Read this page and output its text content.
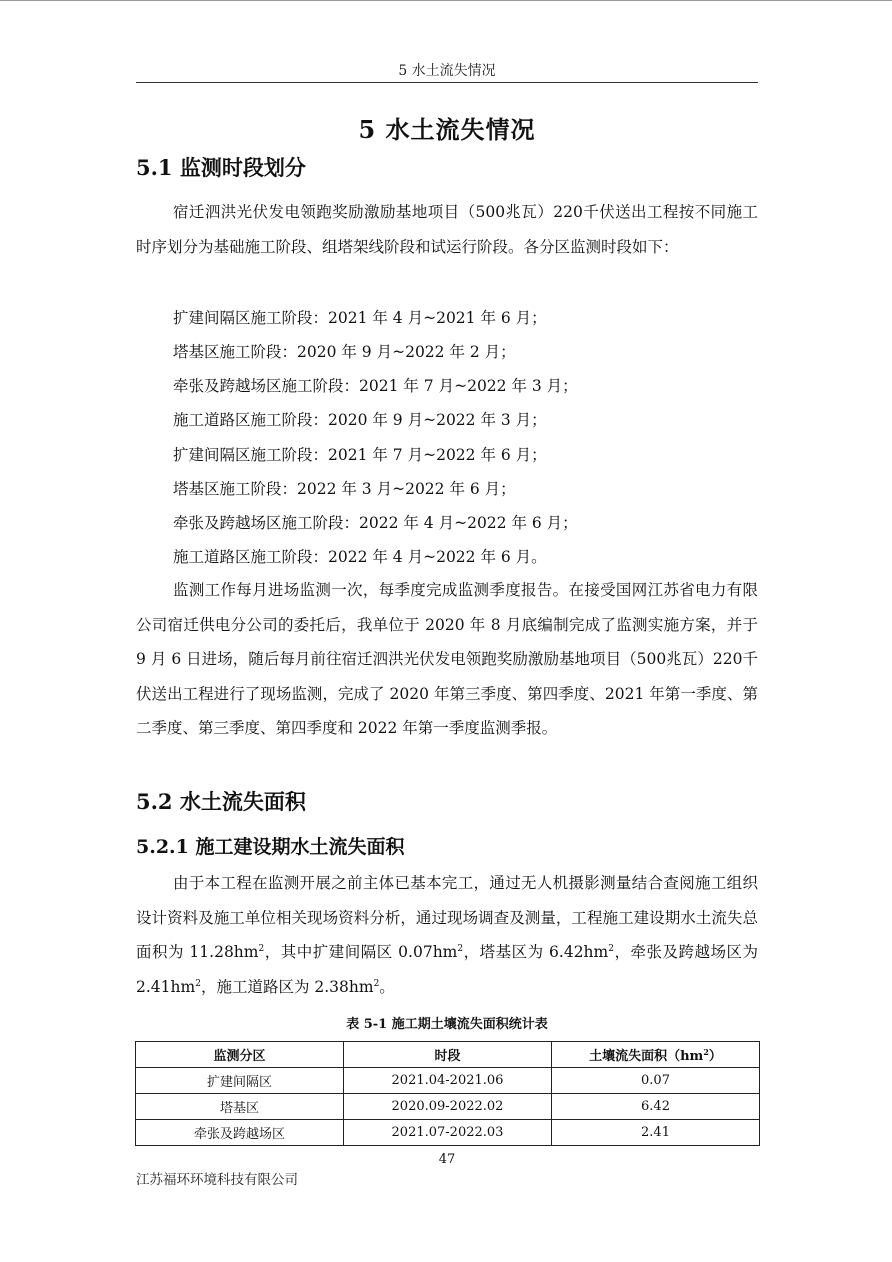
5 水土流失情况
5 水土流失情况
5.1 监测时段划分
宿迁泗洪光伏发电领跑奖励激励基地项目（500兆瓦）220千伏送出工程按不同施工时序划分为基础施工阶段、组塔架线阶段和试运行阶段。各分区监测时段如下：
扩建间隔区施工阶段：2021 年 4 月~2021 年 6 月；
塔基区施工阶段：2020 年 9 月~2022 年 2 月；
牵张及跨越场区施工阶段：2021 年 7 月~2022 年 3 月；
施工道路区施工阶段：2020 年 9 月~2022 年 3 月；
扩建间隔区施工阶段：2021 年 7 月~2022 年 6 月；
塔基区施工阶段：2022 年 3 月~2022 年 6 月；
牵张及跨越场区施工阶段：2022 年 4 月~2022 年 6 月；
施工道路区施工阶段：2022 年 4 月~2022 年 6 月。
监测工作每月进场监测一次，每季度完成监测季度报告。在接受国网江苏省电力有限公司宿迁供电分公司的委托后，我单位于 2020 年 8 月底编制完成了监测实施方案，并于 9 月 6 日进场，随后每月前往宿迁泗洪光伏发电领跑奖励激励基地项目（500兆瓦）220千伏送出工程进行了现场监测，完成了 2020 年第三季度、第四季度、2021 年第一季度、第二季度、第三季度、第四季度和 2022 年第一季度监测季报。
5.2 水土流失面积
5.2.1 施工建设期水土流失面积
由于本工程在监测开展之前主体已基本完工，通过无人机摄影测量结合查阅施工组织设计资料及施工单位相关现场资料分析，通过现场调查及测量，工程施工建设期水土流失总面积为 $11.28hm^2$，其中扩建间隔区 $0.07hm^2$，塔基区为 $6.42hm^2$，牵张及跨越场区为 $2.41hm^2$，施工道路区为 $2.38hm^2$。
表 5-1 施工期土壤流失面积统计表
监测分区	时段	土壤流失面积$(hm^2)$
扩建间隔区	2021.04-2021.06	0.07
塔基区	2020.09-2022.02	6.42
牵张及跨越场区	2021.07-2022.03	2.41
47
江苏福环环境科技有限公司
